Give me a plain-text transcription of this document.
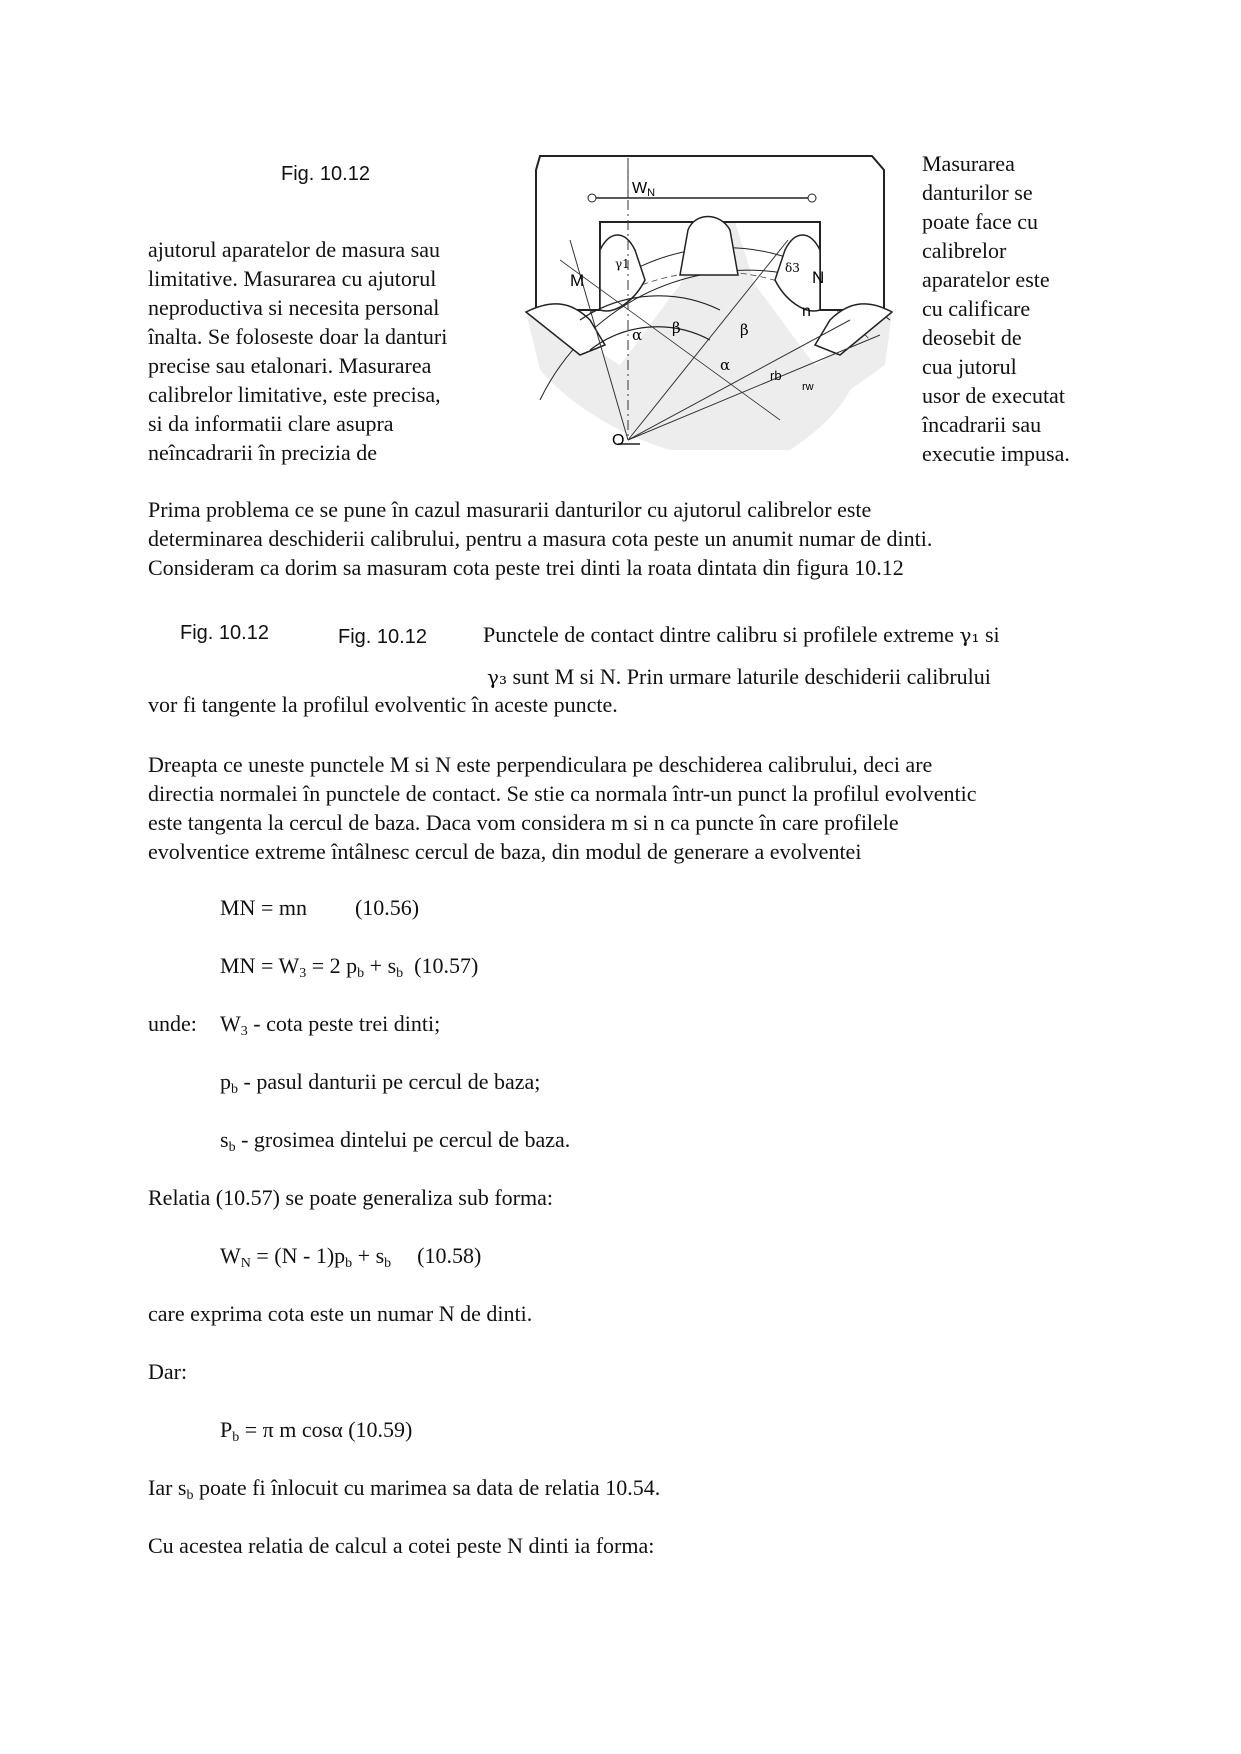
Fig. 10.12
ajutorul aparatelor de masura sau
limitative. Masurarea cu ajutorul
neproductiva si necesita personal
înalta. Se foloseste doar la danturi
precise sau etalonari. Masurarea
calibrelor limitative, este precisa,
si da informatii clare asupra
neîncadrarii în precizia de
Masurarea
danturilor se
poate face cu
calibrelor
aparatelor este
cu calificare
deosebit de
cua jutorul
usor de executat
încadrarii sau
executie impusa.
WN
M	N
n
O
γ1	δ3
α
α
β	β
rb
rw
Prima problema ce se pune în cazul masurarii danturilor cu ajutorul calibrelor este
determinarea deschiderii calibrului, pentru a masura cota peste un anumit numar de dinti.
Consideram ca dorim sa masuram cota peste trei dinti la roata dintata din figura 10.12
Fig. 10.12	Fig. 10.12	Punctele de contact dintre calibru si profilele extreme γ₁ si
γ₃ sunt M si N. Prin urmare laturile deschiderii calibrului
vor fi tangente la profilul evolventic în aceste puncte.
Dreapta ce uneste punctele M si N este perpendiculara pe deschiderea calibrului, deci are
directia normalei în punctele de contact. Se stie ca normala într-un punct la profilul evolventic
este tangenta la cercul de baza. Daca vom considera m si n ca puncte în care profilele
evolventice extreme întâlnesc cercul de baza, din modul de generare a evolventei
MN = mn (10.56)
MN = $W_3 = 2$ $p_b + s_b$ (10.57)
unde: $W_3$ - cota peste trei dinti;
$p_b$ - pasul danturii pe cercul de baza;
$s_b$ - grosimea dintelui pe cercul de baza.
Relatia (10.57) se poate generaliza sub forma:
$W_N = (N - 1)p_b + s_b$ (10.58)
care exprima cota este un numar N de dinti.
Dar:
$P_b = \pi$ m cosα (10.59)
Iar $s_b$ poate fi înlocuit cu marimea sa data de relatia 10.54.
Cu acestea relatia de calcul a cotei peste N dinti ia forma:
